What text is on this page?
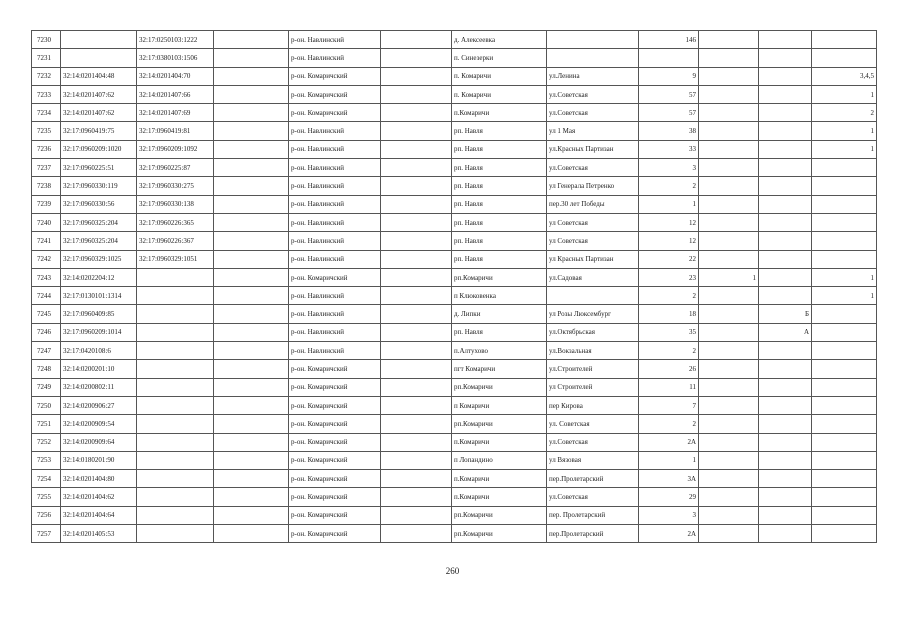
7230		32:17:0250103:1222		р-он. Навлинский		д. Алексеевка		146			
7231		32:17:0380103:1506		р-он. Навлинский		п. Синезерки					
7232	32:14:0201404:48	32:14:0201404:70		р-он. Комаричский		п. Комаричи	ул.Ленина	9			3,4,5
7233	32:14:0201407:62	32:14:0201407:66		р-он. Комаричский		п. Комаричи	ул.Советская	57			1
7234	32:14:0201407:62	32:14:0201407:69		р-он. Комаричский		п.Комаричи	ул.Советская	57			2
7235	32:17:0960419:75	32:17:0960419:81		р-он. Навлинский		рп. Навля	ул 1 Мая	38			1
7236	32:17:0960209:1020	32:17:0960209:1092		р-он. Навлинский		рп. Навля	ул.Красных Партизан	33			1
7237	32:17:0960225:51	32:17:0960225:87		р-он. Навлинский		рп. Навля	ул.Советская	3			
7238	32:17:0960330:119	32:17:0960330:275		р-он. Навлинский		рп. Навля	ул Генерала Петренко	2			
7239	32:17:0960330:56	32:17:0960330:138		р-он. Навлинский		рп. Навля	пер.30 лет Победы	1			
7240	32:17:0960325:204	32:17:0960226:365		р-он. Навлинский		рп. Навля	ул Советская	12			
7241	32:17:0960325:204	32:17:0960226:367		р-он. Навлинский		рп. Навля	ул Советская	12			
7242	32:17:0960329:1025	32:17:0960329:1051		р-он. Навлинский		рп. Навля	ул Красных Партизан	22			
7243	32:14:0202204:12			р-он. Комаричский		рп.Комаричи	ул.Садовая	23	1		1
7244	32:17:0130101:1314			р-он. Навлинский		п Клюковенка		2			1
7245	32:17:0960409:85			р-он. Навлинский		д. Липки	ул Розы Люксембург	18		Б	
7246	32:17:0960209:1014			р-он. Навлинский		рп. Навля	ул.Октябрьская	35		А	
7247	32:17:0420108:6			р-он. Навлинский		п.Алтухово	ул.Вокзальная	2			
7248	32:14:0200201:10			р-он. Комаричский		пгт Комаричи	ул.Строителей	26			
7249	32:14:0200802:11			р-он. Комаричский		рп.Комаричи	ул Строителей	11			
7250	32:14:0200906:27			р-он. Комаричский		п Комаричи	пер Кирова	7			
7251	32:14:0200909:54			р-он. Комаричский		рп.Комаричи	ул. Советская	2			
7252	32:14:0200909:64			р-он. Комаричский		п.Комаричи	ул.Советская	2А			
7253	32:14:0180201:90			р-он. Комаричский		п Лопандино	ул Вязовая	1			
7254	32:14:0201404:80			р-он. Комаричский		п.Комаричи	пер.Пролетарский	3А			
7255	32:14:0201404:62			р-он. Комаричский		п.Комаричи	ул.Советская	29			
7256	32:14:0201404:64			р-он. Комаричский		рп.Комаричи	пер. Пролетарский	3			
7257	32:14:0201405:53			р-он. Комаричский		рп.Комаричи	пер.Пролетарский	2А			
260
